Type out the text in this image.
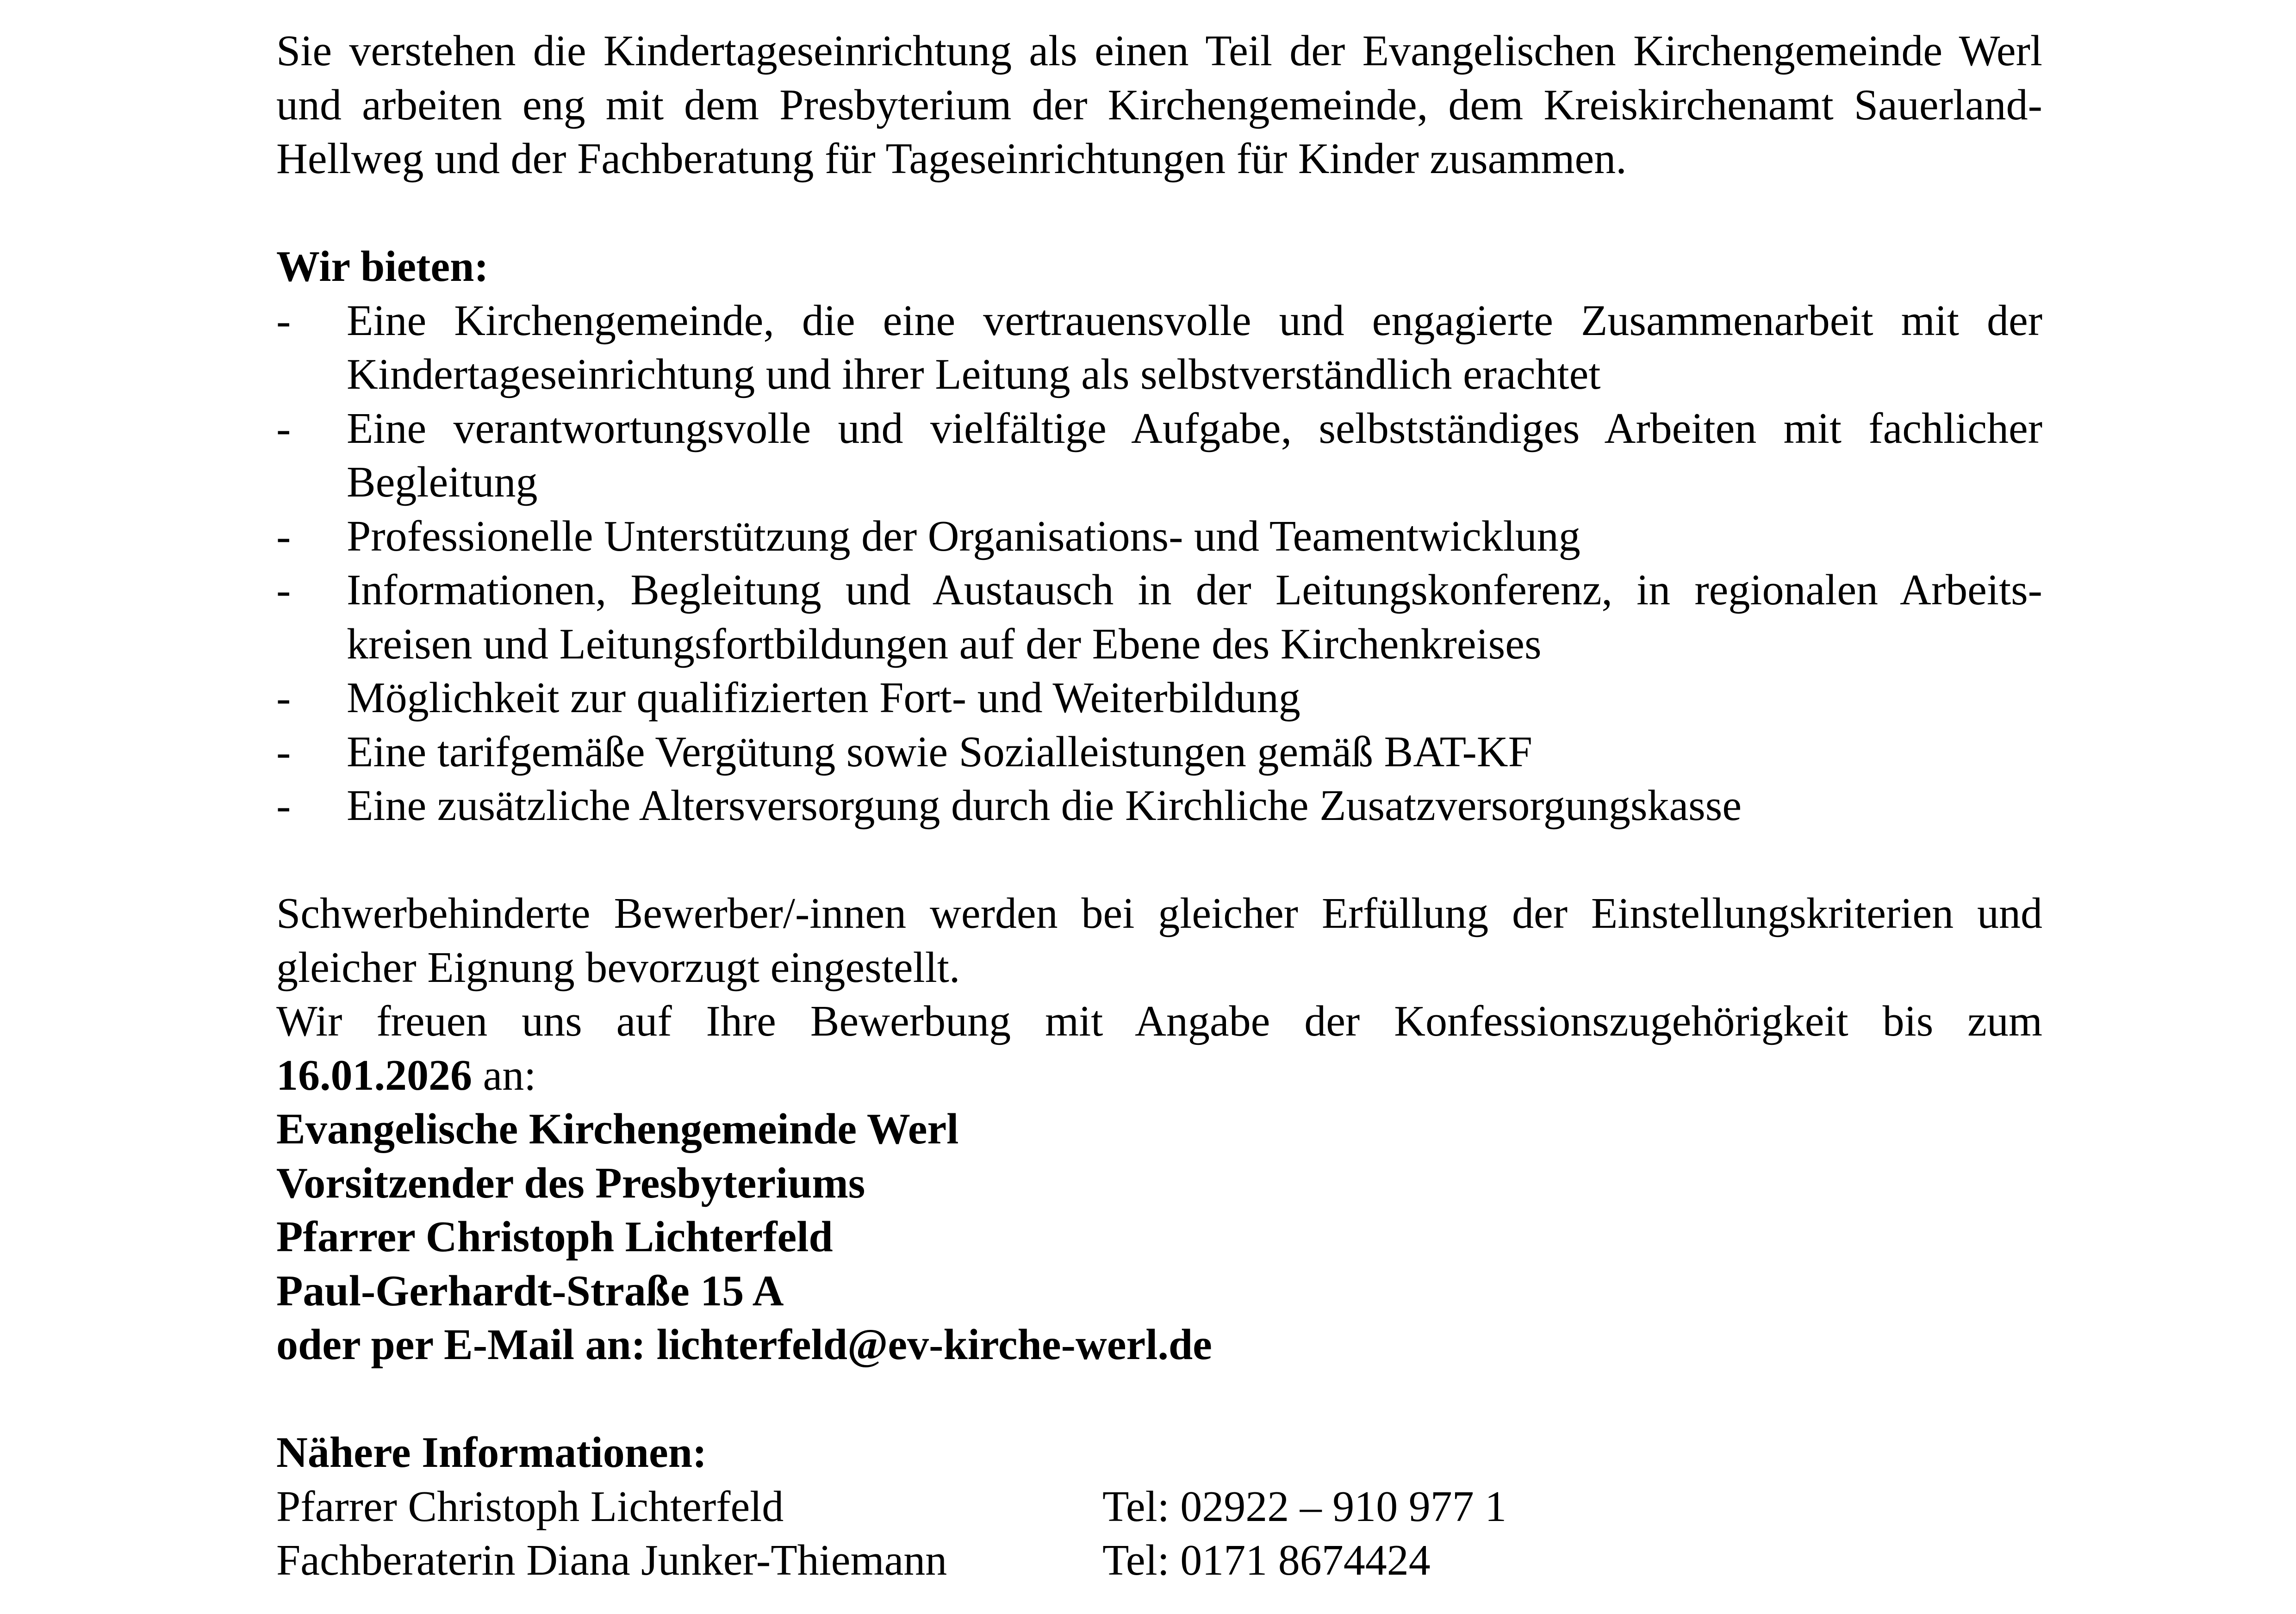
Sie verstehen die Kindertageseinrichtung als einen Teil der Evangelischen Kirchengemeinde Werl und arbeiten eng mit dem Presbyterium der Kirchengemeinde, dem Kreiskirchenamt Sauerland-Hellweg und der Fachberatung für Tageseinrichtungen für Kinder zusammen.

Wir bieten:

- Eine Kirchengemeinde, die eine vertrauensvolle und engagierte Zusammenarbeit mit der Kindertageseinrichtung und ihrer Leitung als selbstverständlich erachtet
- Eine verantwortungsvolle und vielfältige Aufgabe, selbstständiges Arbeiten mit fachlicher Begleitung
- Professionelle Unterstützung der Organisations- und Teamentwicklung
- Informationen, Begleitung und Austausch in der Leitungskonferenz, in regionalen Arbeits-kreisen und Leitungsfortbildungen auf der Ebene des Kirchenkreises
- Möglichkeit zur qualifizierten Fort- und Weiterbildung
- Eine tarifgemäße Vergütung sowie Sozialleistungen gemäß BAT-KF
- Eine zusätzliche Altersversorgung durch die Kirchliche Zusatzversorgungskasse

Schwerbehinderte Bewerber/-innen werden bei gleicher Erfüllung der Einstellungskriterien und gleicher Eignung bevorzugt eingestellt.

Wir freuen uns auf Ihre Bewerbung mit Angabe der Konfessionszugehörigkeit bis zum

16.01.2026 an:

Evangelische Kirchengemeinde Werl

Vorsitzender des Presbyteriums

Pfarrer Christoph Lichterfeld

Paul-Gerhardt-Straße 15 A

oder per E-Mail an: lichterfeld@ev-kirche-werl.de

Nähere Informationen:

Pfarrer Christoph Lichterfeld	Tel: 02922 – 910 977 1
Fachberaterin Diana Junker-Thiemann	Tel: 0171 8674424
